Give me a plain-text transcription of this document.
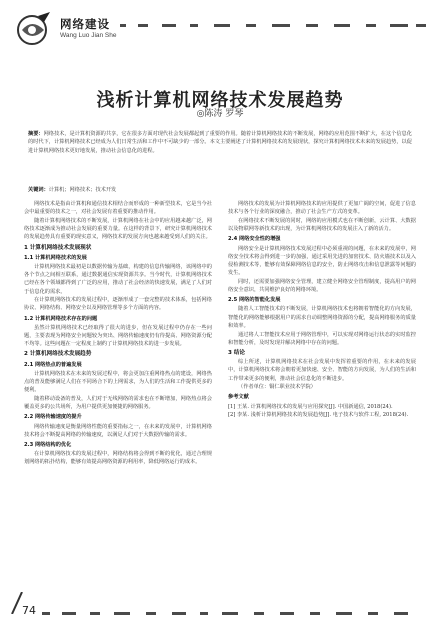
网络建设
Wang Luo Jian She
浅析计算机网络技术发展趋势
◎陈涛 罗琴
摘要：网络技术，是计算机资源的共享，它在很多方面对现代社会发展都起到了重要的作用。随着计算机网络技术的不断发展，网络的应用范围不断扩大，在这个信息化的时代下，计算机网络技术已经成为人们日常生活和工作中不可缺少的一部分。本文主要阐述了计算机网络技术的发展现状，探究计算机网络技术未来的发展趋势，以促进计算机网络技术更好地发展，推动社会信息化的进程。
关键词：计算机；网络技术；技术开发

网络技术是指由计算机和通信技术相结合而形成的一种新型技术，它是当今社会中最重要的技术之一，对社会发展有着重要的推动作用。

随着计算机网络技术的不断发展，计算机网络在社会中的应用越来越广泛，网络技术逐渐成为推动社会发展的重要力量。在这样的背景下，研究计算机网络技术的发展趋势具有重要的现实意义，网络技术的发展方向也越来越受到人们的关注。

1 计算机网络技术发展现状

1.1 计算机网络技术的发展

计算机网络技术最初是以数据传输为基础，构建的信息传输网络，该网络中的各个节点之间相互联系，通过数据通信实现资源共享。当今时代，计算机网络技术已经在各个领域都得到了广泛的应用，推动了社会经济的快速发展，满足了人们对于信息化的需求。

在计算机网络技术的发展过程中，逐渐形成了一套完整的技术体系，包括网络协议、网络结构、网络安全以及网络管理等多个方面的内容。

1.2 计算机网络技术存在的问题

虽然计算机网络技术已经取得了很大的进步，但在发展过程中仍存在一些问题，主要表现为网络安全问题较为突出、网络传输速度仍有待提高、网络资源分配不均等。这些问题在一定程度上制约了计算机网络技术的进一步发展。

2 计算机网络技术发展趋势

2.1 网络热点的普遍发展

计算机网络技术在未来的发展过程中，将会更加注重网络热点的建设，网络热点的普及能够满足人们在不同场合下的上网需求，为人们的生活和工作提供更多的便利。

随着移动设备的普及，人们对于无线网络的需求也在不断增加，网络热点将会覆盖更多的公共场所，为用户提供更加便捷的网络服务。

2.2 网络传输速度的提升

网络传输速度是衡量网络性能的重要指标之一，在未来的发展中，计算机网络技术将会不断提高网络的传输速度，以满足人们对于大数据传输的需求。

2.3 网络结构的优化

在计算机网络技术的发展过程中，网络结构将会得到不断的优化，通过合理规划网络的拓扑结构，能够有效提高网络资源的利用率，降低网络运行的成本。

网络技术的发展为计算机网络技术的应用提供了更加广阔的空间，促进了信息技术与各个行业的深度融合，推动了社会生产方式的变革。

在网络技术不断发展的同时，网络的应用模式也在不断创新，云计算、大数据以及物联网等新技术的出现，为计算机网络技术的发展注入了新的活力。

2.4 网络安全性的增强

网络安全是计算机网络技术发展过程中必须重视的问题，在未来的发展中，网络安全技术将会得到进一步的加强，通过采用先进的加密技术、防火墙技术以及入侵检测技术等，能够有效保障网络信息的安全，防止网络攻击和信息泄露等问题的发生。

同时，还需要加强网络安全管理，建立健全网络安全管理制度，提高用户的网络安全意识，共同维护良好的网络环境。

2.5 网络的智能化发展

随着人工智能技术的不断发展，计算机网络技术也将朝着智能化的方向发展，智能化的网络能够根据用户的需求自动调整网络资源的分配，提高网络服务的质量和效率。

通过将人工智能技术应用于网络管理中，可以实现对网络运行状态的实时监控和智能分析，及时发现并解决网络中存在的问题。

3 结论

综上所述，计算机网络技术在社会发展中发挥着重要的作用，在未来的发展中，计算机网络技术将会朝着更加快速、安全、智能的方向发展，为人们的生活和工作带来更多的便利，推动社会信息化的不断进步。

（作者单位：铜仁职业技术学院）

参考文献

[1] 王某. 计算机网络技术的发展与应用探究[J]. 中国新通信, 2018(24).

[2] 李某. 浅析计算机网络技术的发展趋势[J]. 电子技术与软件工程, 2018(24).

74
